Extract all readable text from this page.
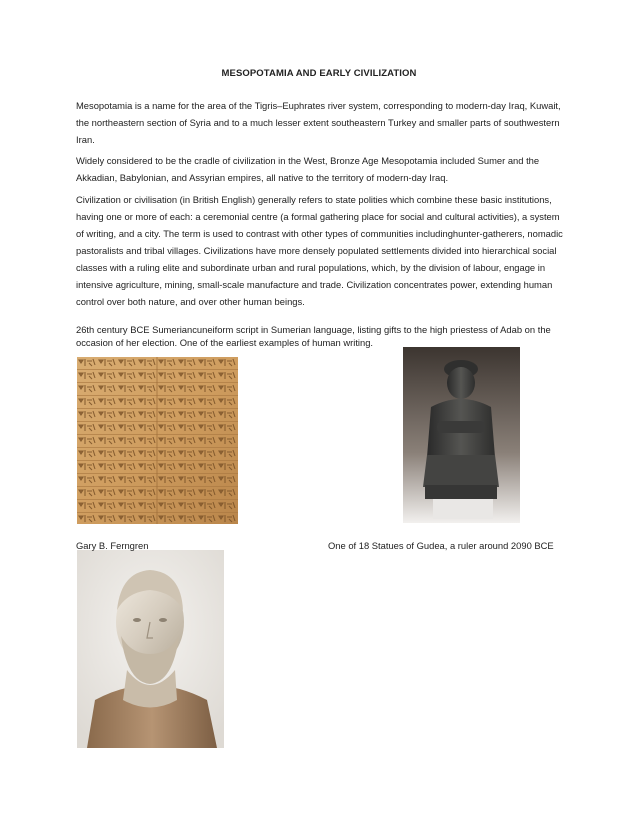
MESOPOTAMIA AND EARLY CIVILIZATION

Mesopotamia is a name for the area of the Tigris–Euphrates river system, corresponding to modern-day Iraq, Kuwait, the northeastern section of Syria and to a much lesser extent southeastern Turkey and smaller parts of southwestern Iran.

Widely considered to be the cradle of civilization in the West, Bronze Age Mesopotamia included Sumer and the Akkadian, Babylonian, and Assyrian empires, all native to the territory of modern-day Iraq.

Civilization or civilisation (in British English) generally refers to state polities which combine these basic institutions, having one or more of each: a ceremonial centre (a formal gathering place for social and cultural activities), a system of writing, and a city. The term is used to contrast with other types of communities includinghunter-gatherers, nomadic pastoralists and tribal villages. Civilizations have more densely populated settlements divided into hierarchical social classes with a ruling elite and subordinate urban and rural populations, which, by the division of labour, engage in intensive agriculture, mining, small-scale manufacture and trade. Civilization concentrates power, extending human control over both nature, and over other human beings.

26th century BCE Sumeriancuneiform script in Sumerian language, listing gifts to the high priestess of Adab on the occasion of her election. One of the earliest examples of human writing.

Gary B. Ferngren	One of 18 Statues of Gudea, a ruler around 2090 BCE
